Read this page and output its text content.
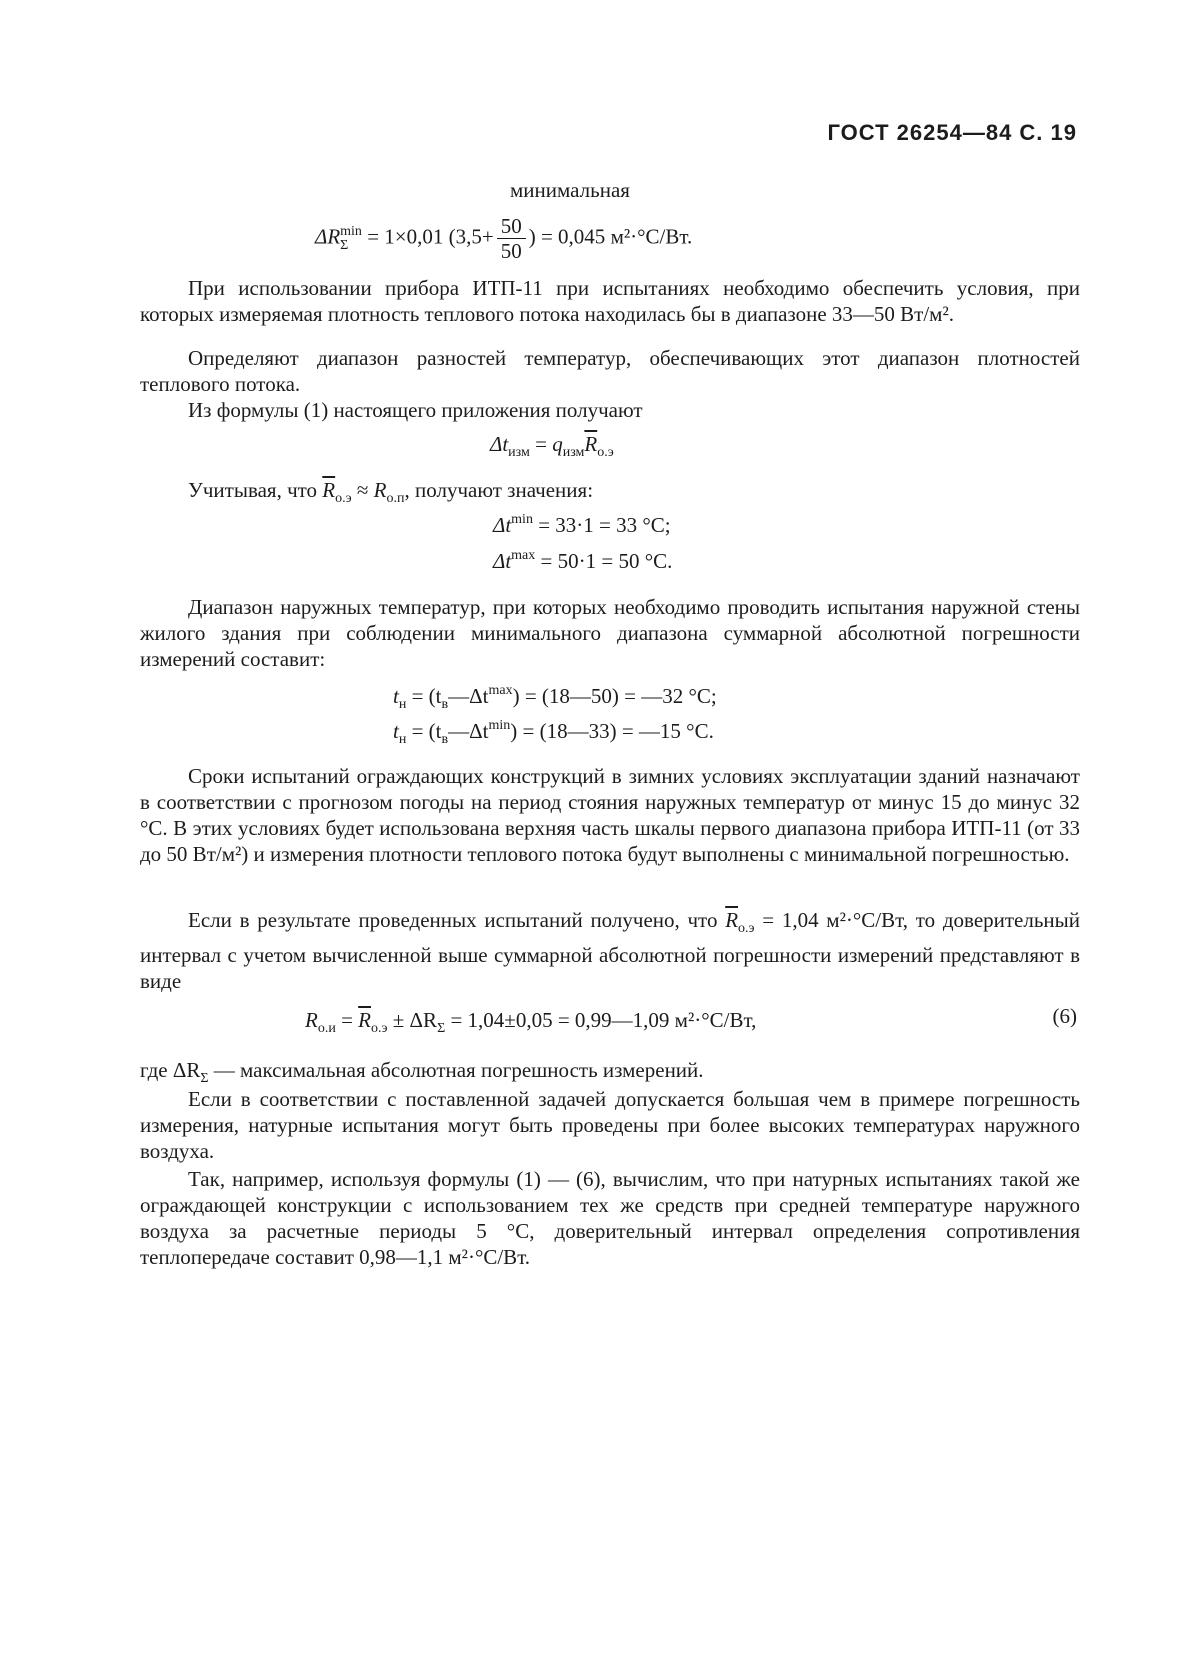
ГОСТ 26254—84 С. 19
минимальная
ΔR min
Σ = 1×0,01 ($3,5+ \frac{50}{50}$ ) = 0,045 м²·°С/Вт.
При использовании прибора ИТП-11 при испытаниях необходимо обеспечить условия, при которых измеряемая плотность теплового потока находилась бы в диапазоне 33—50 Вт/м².
Определяют диапазон разностей температур, обеспечивающих этот диапазон плотностей теплового потока.
Из формулы (1) настоящего приложения получают
$\Delta t_{изм} = q_{изм}\overline{R}_{о.э}$
Учитывая, что $\overline{R}_{о.э} \approx R_{о.п}$, получают значения:
$\Delta t^{min} = 33\cdot 1 = 33$ °С;
$\Delta t^{max} = 50\cdot 1 = 50$ °С.
Диапазон наружных температур, при которых необходимо проводить испытания наружной стены жилого здания при соблюдении минимального диапазона суммарной абсолютной погрешности измерений составит:
$t_н$ = $(t_в—\Delta t^{max})$ = (18—50) = —32 °С;
$t_н$ = $(t_в—\Delta t^{min})$ = (18—33) = —15 °С.
Сроки испытаний ограждающих конструкций в зимних условиях эксплуатации зданий назначают в соответствии с прогнозом погоды на период стояния наружных температур от минус 15 до минус 32 °С. В этих условиях будет использована верхняя часть шкалы первого диапазона прибора ИТП-11 (от 33 до 50 Вт/м²) и измерения плотности теплового потока будут выполнены с минимальной погрешностью.
Если в результате проведенных испытаний получено, что $\overline{R}_{о.э} = 1,04$ м²·°С/Вт, то доверительный интервал с учетом вычисленной выше суммарной абсолютной погрешности измерений представляют в виде
$R_{о.и} = \overline{R}_{о.э} \pm \Delta R_\Sigma = 1,04\pm 0,05$ = 0,99—1,09 м²·°С/Вт,	(6)
где $\Delta R_\Sigma$ — максимальная абсолютная погрешность измерений.
Если в соответствии с поставленной задачей допускается большая чем в примере погрешность измерения, натурные испытания могут быть проведены при более высоких температурах наружного воздуха.
Так, например, используя формулы (1) — (6), вычислим, что при натурных испытаниях такой же ограждающей конструкции с использованием тех же средств при средней температуре наружного воздуха за расчетные периоды 5 °С, доверительный интервал определения сопротивления теплопередаче составит 0,98—1,1 м²·°С/Вт.
